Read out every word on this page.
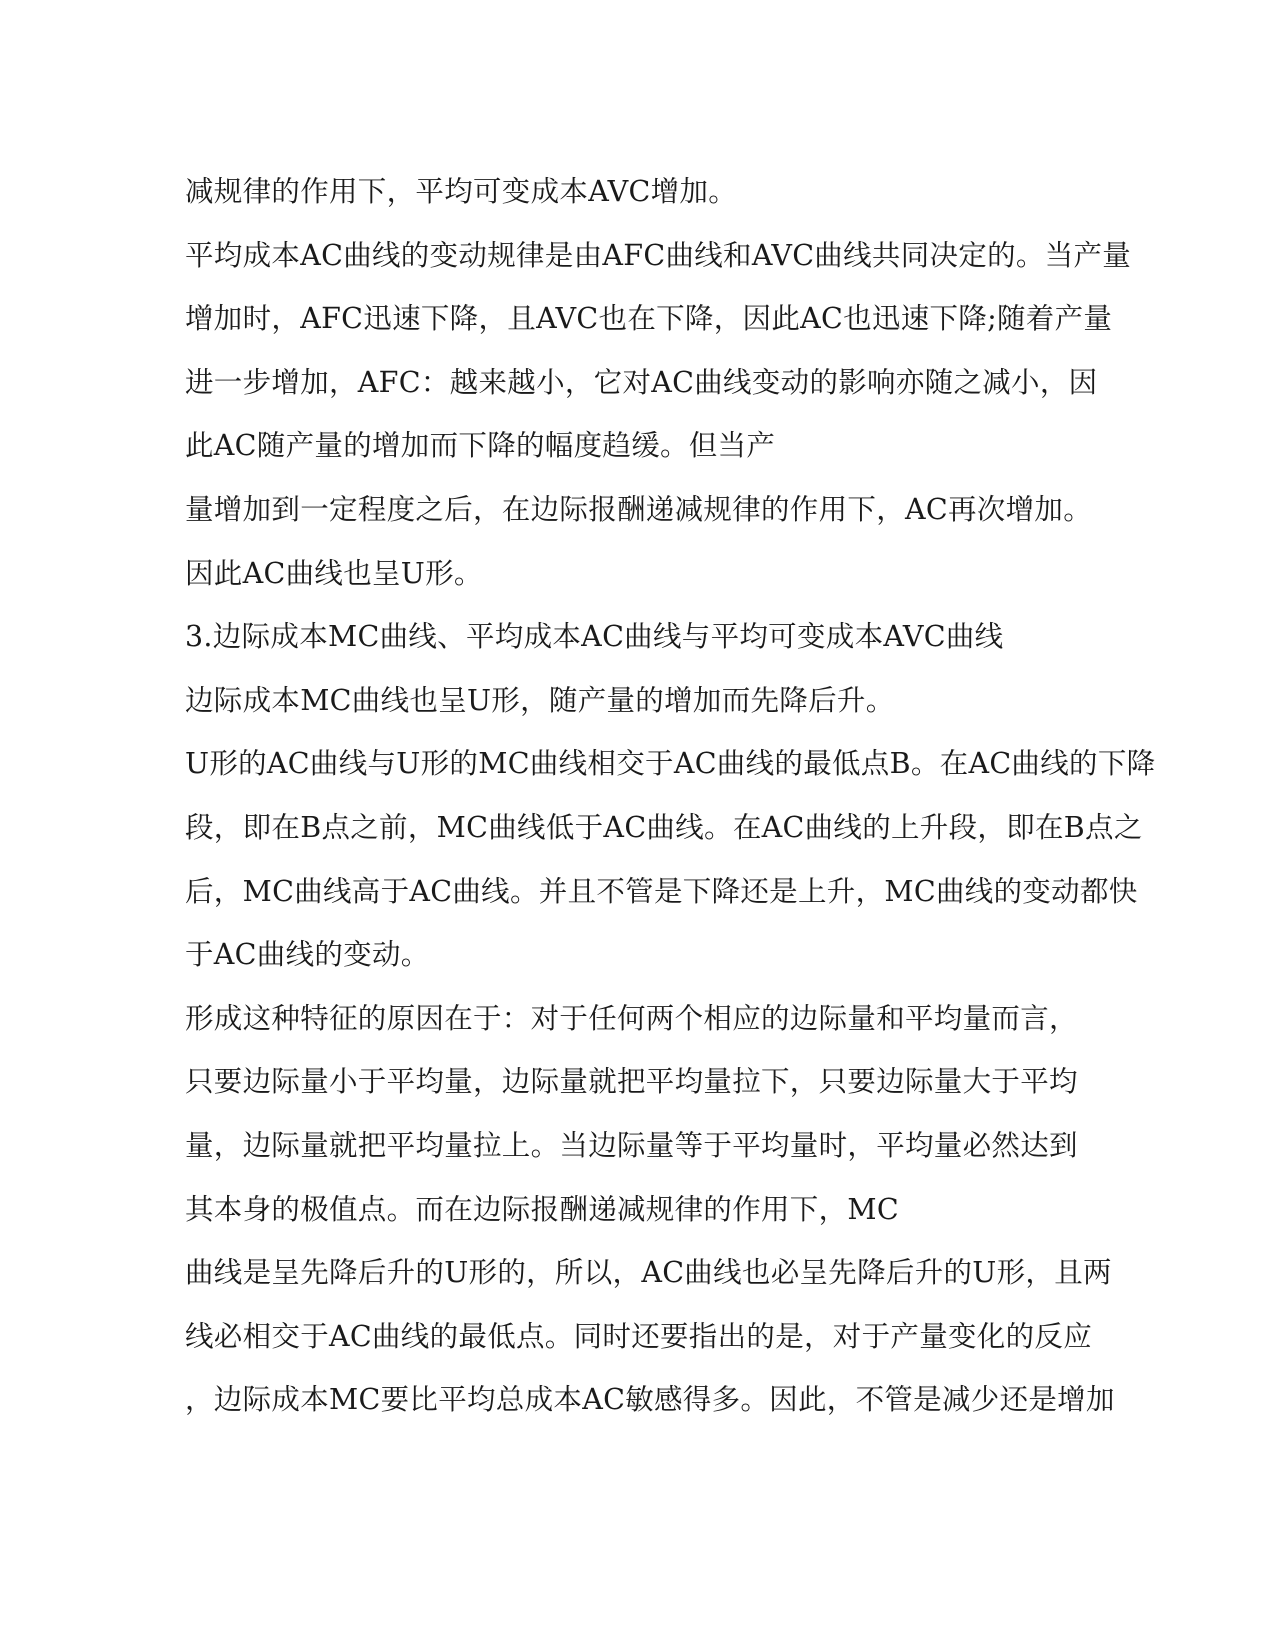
减规律的作用下，平均可变成本AVC增加。
平均成本AC曲线的变动规律是由AFC曲线和AVC曲线共同决定的。当产量
增加时，AFC迅速下降，且AVC也在下降，因此AC也迅速下降;随着产量
进一步增加，AFC：越来越小，它对AC曲线变动的影响亦随之减小，因
此AC随产量的增加而下降的幅度趋缓。但当产
量增加到一定程度之后，在边际报酬递减规律的作用下，AC再次增加。
因此AC曲线也呈U形。
3.边际成本MC曲线、平均成本AC曲线与平均可变成本AVC曲线
边际成本MC曲线也呈U形，随产量的增加而先降后升。
U形的AC曲线与U形的MC曲线相交于AC曲线的最低点B。在AC曲线的下降
段，即在B点之前，MC曲线低于AC曲线。在AC曲线的上升段，即在B点之
后，MC曲线高于AC曲线。并且不管是下降还是上升，MC曲线的变动都快
于AC曲线的变动。
形成这种特征的原因在于：对于任何两个相应的边际量和平均量而言，
只要边际量小于平均量，边际量就把平均量拉下，只要边际量大于平均
量，边际量就把平均量拉上。当边际量等于平均量时，平均量必然达到
其本身的极值点。而在边际报酬递减规律的作用下，MC
曲线是呈先降后升的U形的，所以，AC曲线也必呈先降后升的U形，且两
线必相交于AC曲线的最低点。同时还要指出的是，对于产量变化的反应
，边际成本MC要比平均总成本AC敏感得多。因此，不管是减少还是增加
